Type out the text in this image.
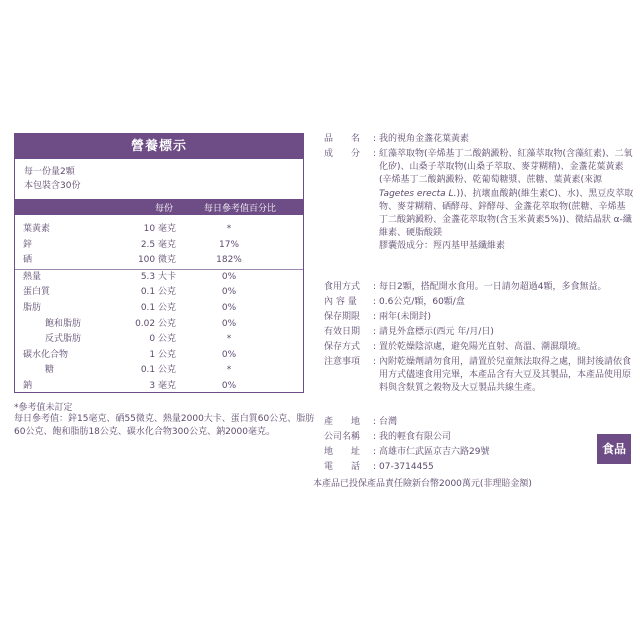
營養標示
每一份量2顆
本包裝含30份
每份	每日參考值百分比
葉黃素	10 毫克	*
鋅	2.5 毫克	17%
硒	100 微克	182%
熱量	5.3 大卡	0%
蛋白質	0.1 公克	0%
脂肪	0.1 公克	0%
飽和脂肪	0.02 公克	0%
反式脂肪	0 公克	*
碳水化合物	1 公克	0%
糖	0.1 公克	*
鈉	3 毫克	0%
*參考值未訂定
每日參考值：鋅15毫克、硒55微克、熱量2000大卡、蛋白質60公克、脂肪60公克、飽和脂肪18公克、碳水化合物300公克、鈉2000毫克。
品　　名 : 我的視角金盞花葉黃素
成　　分 : 紅藻萃取物(辛烯基丁二酸鈉澱粉、紅藻萃取物(含藻紅素)、二氧化矽)、山桑子萃取物(山桑子萃取、麥芽糊精)、金盞花葉黃素(辛烯基丁二酸鈉澱粉、乾葡萄糖漿、蔗糖、葉黃素(來源 Tagetes erecta L.))、抗壞血酸鈉(維生素C)、水)、黑豆皮萃取物、麥芽糊精、硒酵母、鋅酵母、金盞花萃取物(蔗糖、辛烯基丁二酸鈉澱粉、金盞花萃取物(含玉米黃素5%))、微結晶狀 α-纖維素、硬脂酸鎂
膠囊殼成分：羥丙基甲基纖維素
食用方式 : 每日2顆，搭配開水食用。一日請勿超過4顆，多食無益。
內 容 量 : 0.6公克/顆，60顆/盒
保存期限 : 兩年(未開封)
有效日期 : 請見外盒標示(西元 年/月/日)
保存方式 : 置於乾燥陰涼處，避免陽光直射、高溫、潮濕環境。
注意事項 : 內附乾燥劑請勿食用，請置於兒童無法取得之處，開封後請依食用方式儘速食用完畢，本產品含有大豆及其製品，本產品使用原料與含麩質之穀物及大豆製品共線生產。
產　　地 : 台灣
公司名稱 : 我的輕食有限公司
地　　址 : 高雄市仁武區京吉六路29號
電　　話 : 07-3714455
本產品已投保產品責任險新台幣2000萬元(非理賠金額)
食品
